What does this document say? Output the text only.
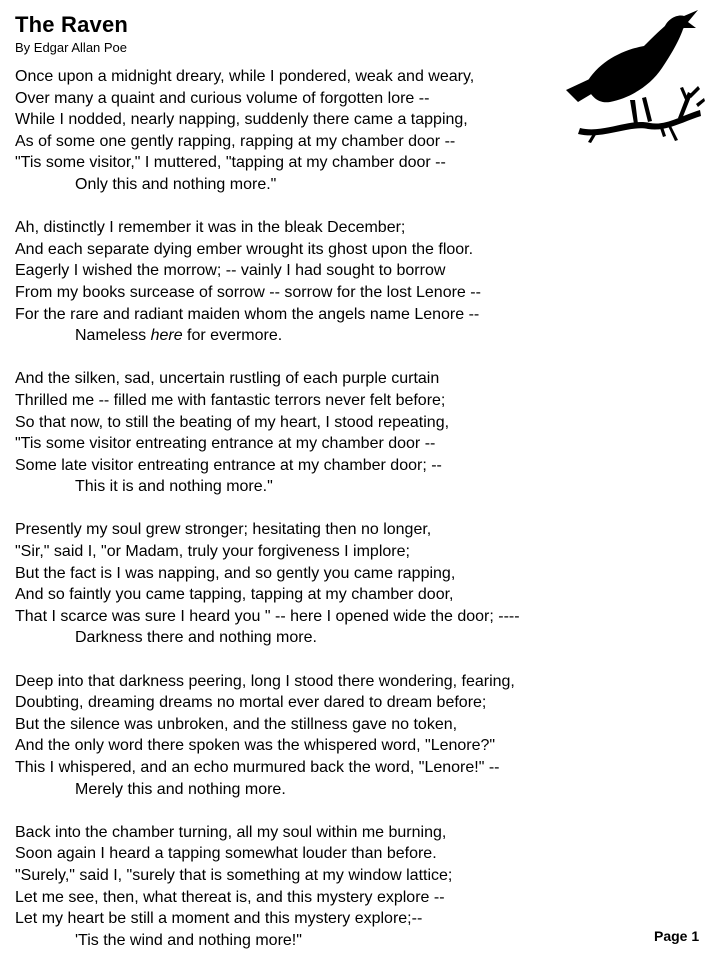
The Raven
By Edgar Allan Poe
Once upon a midnight dreary, while I pondered, weak and weary,
Over many a quaint and curious volume of forgotten lore --
While I nodded, nearly napping, suddenly there came a tapping,
As of some one gently rapping, rapping at my chamber door --
"Tis some visitor," I muttered, "tapping at my chamber door --
Only this and nothing more."
Ah, distinctly I remember it was in the bleak December;
And each separate dying ember wrought its ghost upon the floor.
Eagerly I wished the morrow; -- vainly I had sought to borrow
From my books surcease of sorrow -- sorrow for the lost Lenore --
For the rare and radiant maiden whom the angels name Lenore --
Nameless here for evermore.
And the silken, sad, uncertain rustling of each purple curtain
Thrilled me -- filled me with fantastic terrors never felt before;
So that now, to still the beating of my heart, I stood repeating,
"Tis some visitor entreating entrance at my chamber door --
Some late visitor entreating entrance at my chamber door; --
This it is and nothing more."
Presently my soul grew stronger; hesitating then no longer,
"Sir," said I, "or Madam, truly your forgiveness I implore;
But the fact is I was napping, and so gently you came rapping,
And so faintly you came tapping, tapping at my chamber door,
That I scarce was sure I heard you " -- here I opened wide the door; ----
Darkness there and nothing more.
Deep into that darkness peering, long I stood there wondering, fearing,
Doubting, dreaming dreams no mortal ever dared to dream before;
But the silence was unbroken, and the stillness gave no token,
And the only word there spoken was the whispered word, "Lenore?"
This I whispered, and an echo murmured back the word, "Lenore!" --
Merely this and nothing more.
Back into the chamber turning, all my soul within me burning,
Soon again I heard a tapping somewhat louder than before.
"Surely," said I, "surely that is something at my window lattice;
Let me see, then, what thereat is, and this mystery explore --
Let my heart be still a moment and this mystery explore;--
'Tis the wind and nothing more!"	Page 1
